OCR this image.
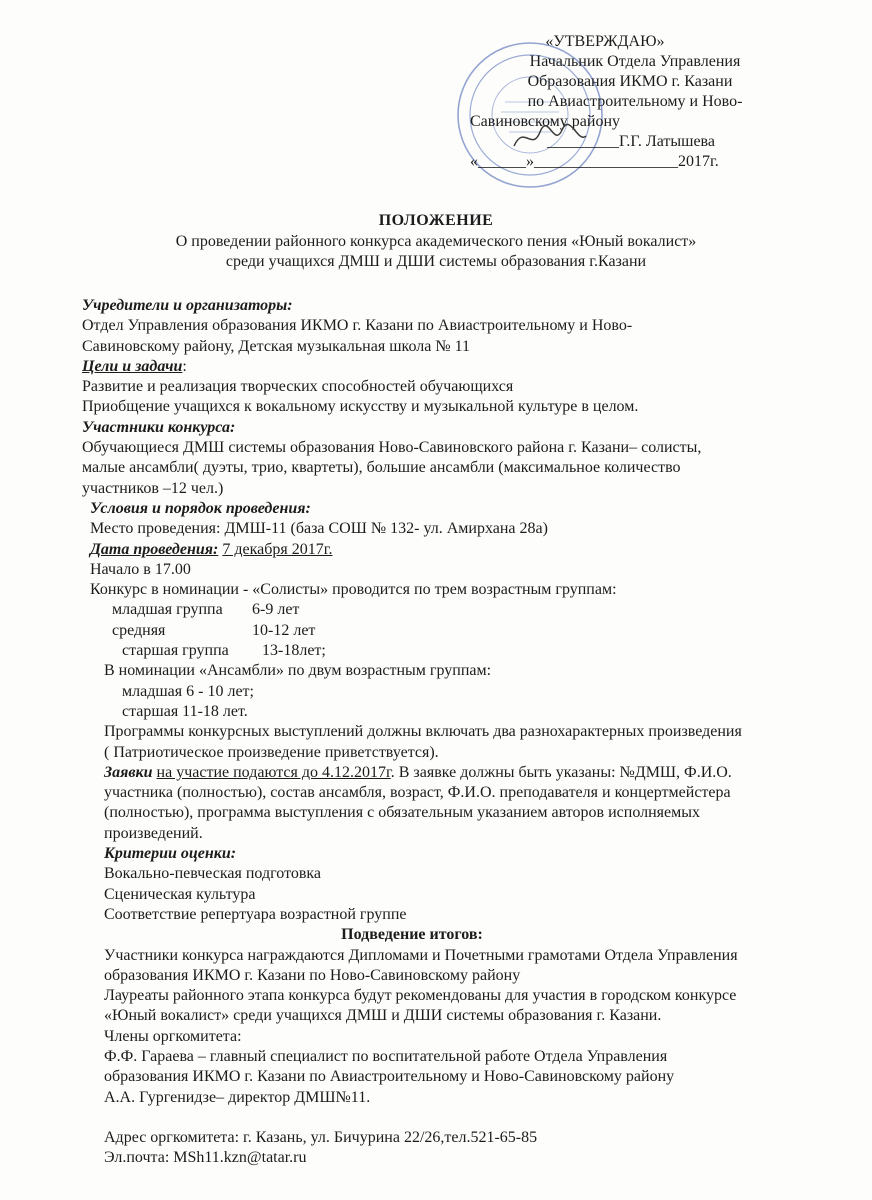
«УТВЕРЖДАЮ»
Начальник Отдела Управления
Образования ИКМО г. Казани
по Авиастроительному и Ново-
Савиновскому району
_________Г.Г. Латышева
«______»__________________2017г.
ПОЛОЖЕНИЕ
О проведении районного конкурса академического пения «Юный вокалист»
среди учащихся ДМШ и ДШИ системы образования г.Казани
Учредители и организаторы:
Отдел Управления образования ИКМО г. Казани по Авиастроительному и Ново-
Савиновскому району, Детская музыкальная школа № 11
Цели и задачи:
Развитие и реализация творческих способностей обучающихся
Приобщение учащихся к вокальному искусству и музыкальной культуре в целом.
Участники конкурса:
Обучающиеся ДМШ системы образования Ново-Савиновского района г. Казани– солисты,
малые ансамбли( дуэты, трио, квартеты), большие ансамбли (максимальное количество
участников –12 чел.)
Условия и порядок проведения:
Место проведения: ДМШ-11 (база СОШ № 132- ул. Амирхана 28а)
Дата проведения: 7 декабря 2017г.
Начало в 17.00
Конкурс в номинации - «Солисты» проводится по трем возрастным группам:
младшая группа 6-9 лет
средняя	10-12 лет
старшая группа 13-18лет;
В номинации «Ансамбли» по двум возрастным группам:
младшая 6 - 10 лет;
старшая 11-18 лет.
Программы конкурсных выступлений должны включать два разнохарактерных произведения
( Патриотическое произведение приветствуется).
Заявки на участие подаются до 4.12.2017г. В заявке должны быть указаны: №ДМШ, Ф.И.О.
участника (полностью), состав ансамбля, возраст, Ф.И.О. преподавателя и концертмейстера
(полностью), программа выступления с обязательным указанием авторов исполняемых
произведений.
Критерии оценки:
Вокально-певческая подготовка
Сценическая культура
Соответствие репертуара возрастной группе
Подведение итогов:
Участники конкурса награждаются Дипломами и Почетными грамотами Отдела Управления
образования ИКМО г. Казани по Ново-Савиновскому району
Лауреаты районного этапа конкурса будут рекомендованы для участия в городском конкурсе
«Юный вокалист» среди учащихся ДМШ и ДШИ системы образования г. Казани.
Члены оргкомитета:
Ф.Ф. Гараева – главный специалист по воспитательной работе Отдела Управления
образования ИКМО г. Казани по Авиастроительному и Ново-Савиновскому району
А.А. Гургенидзе– директор ДМШ№11.
Адрес оргкомитета: г. Казань, ул. Бичурина 22/26,тел.521-65-85
Эл.почта: MSh11.kzn@tatar.ru
